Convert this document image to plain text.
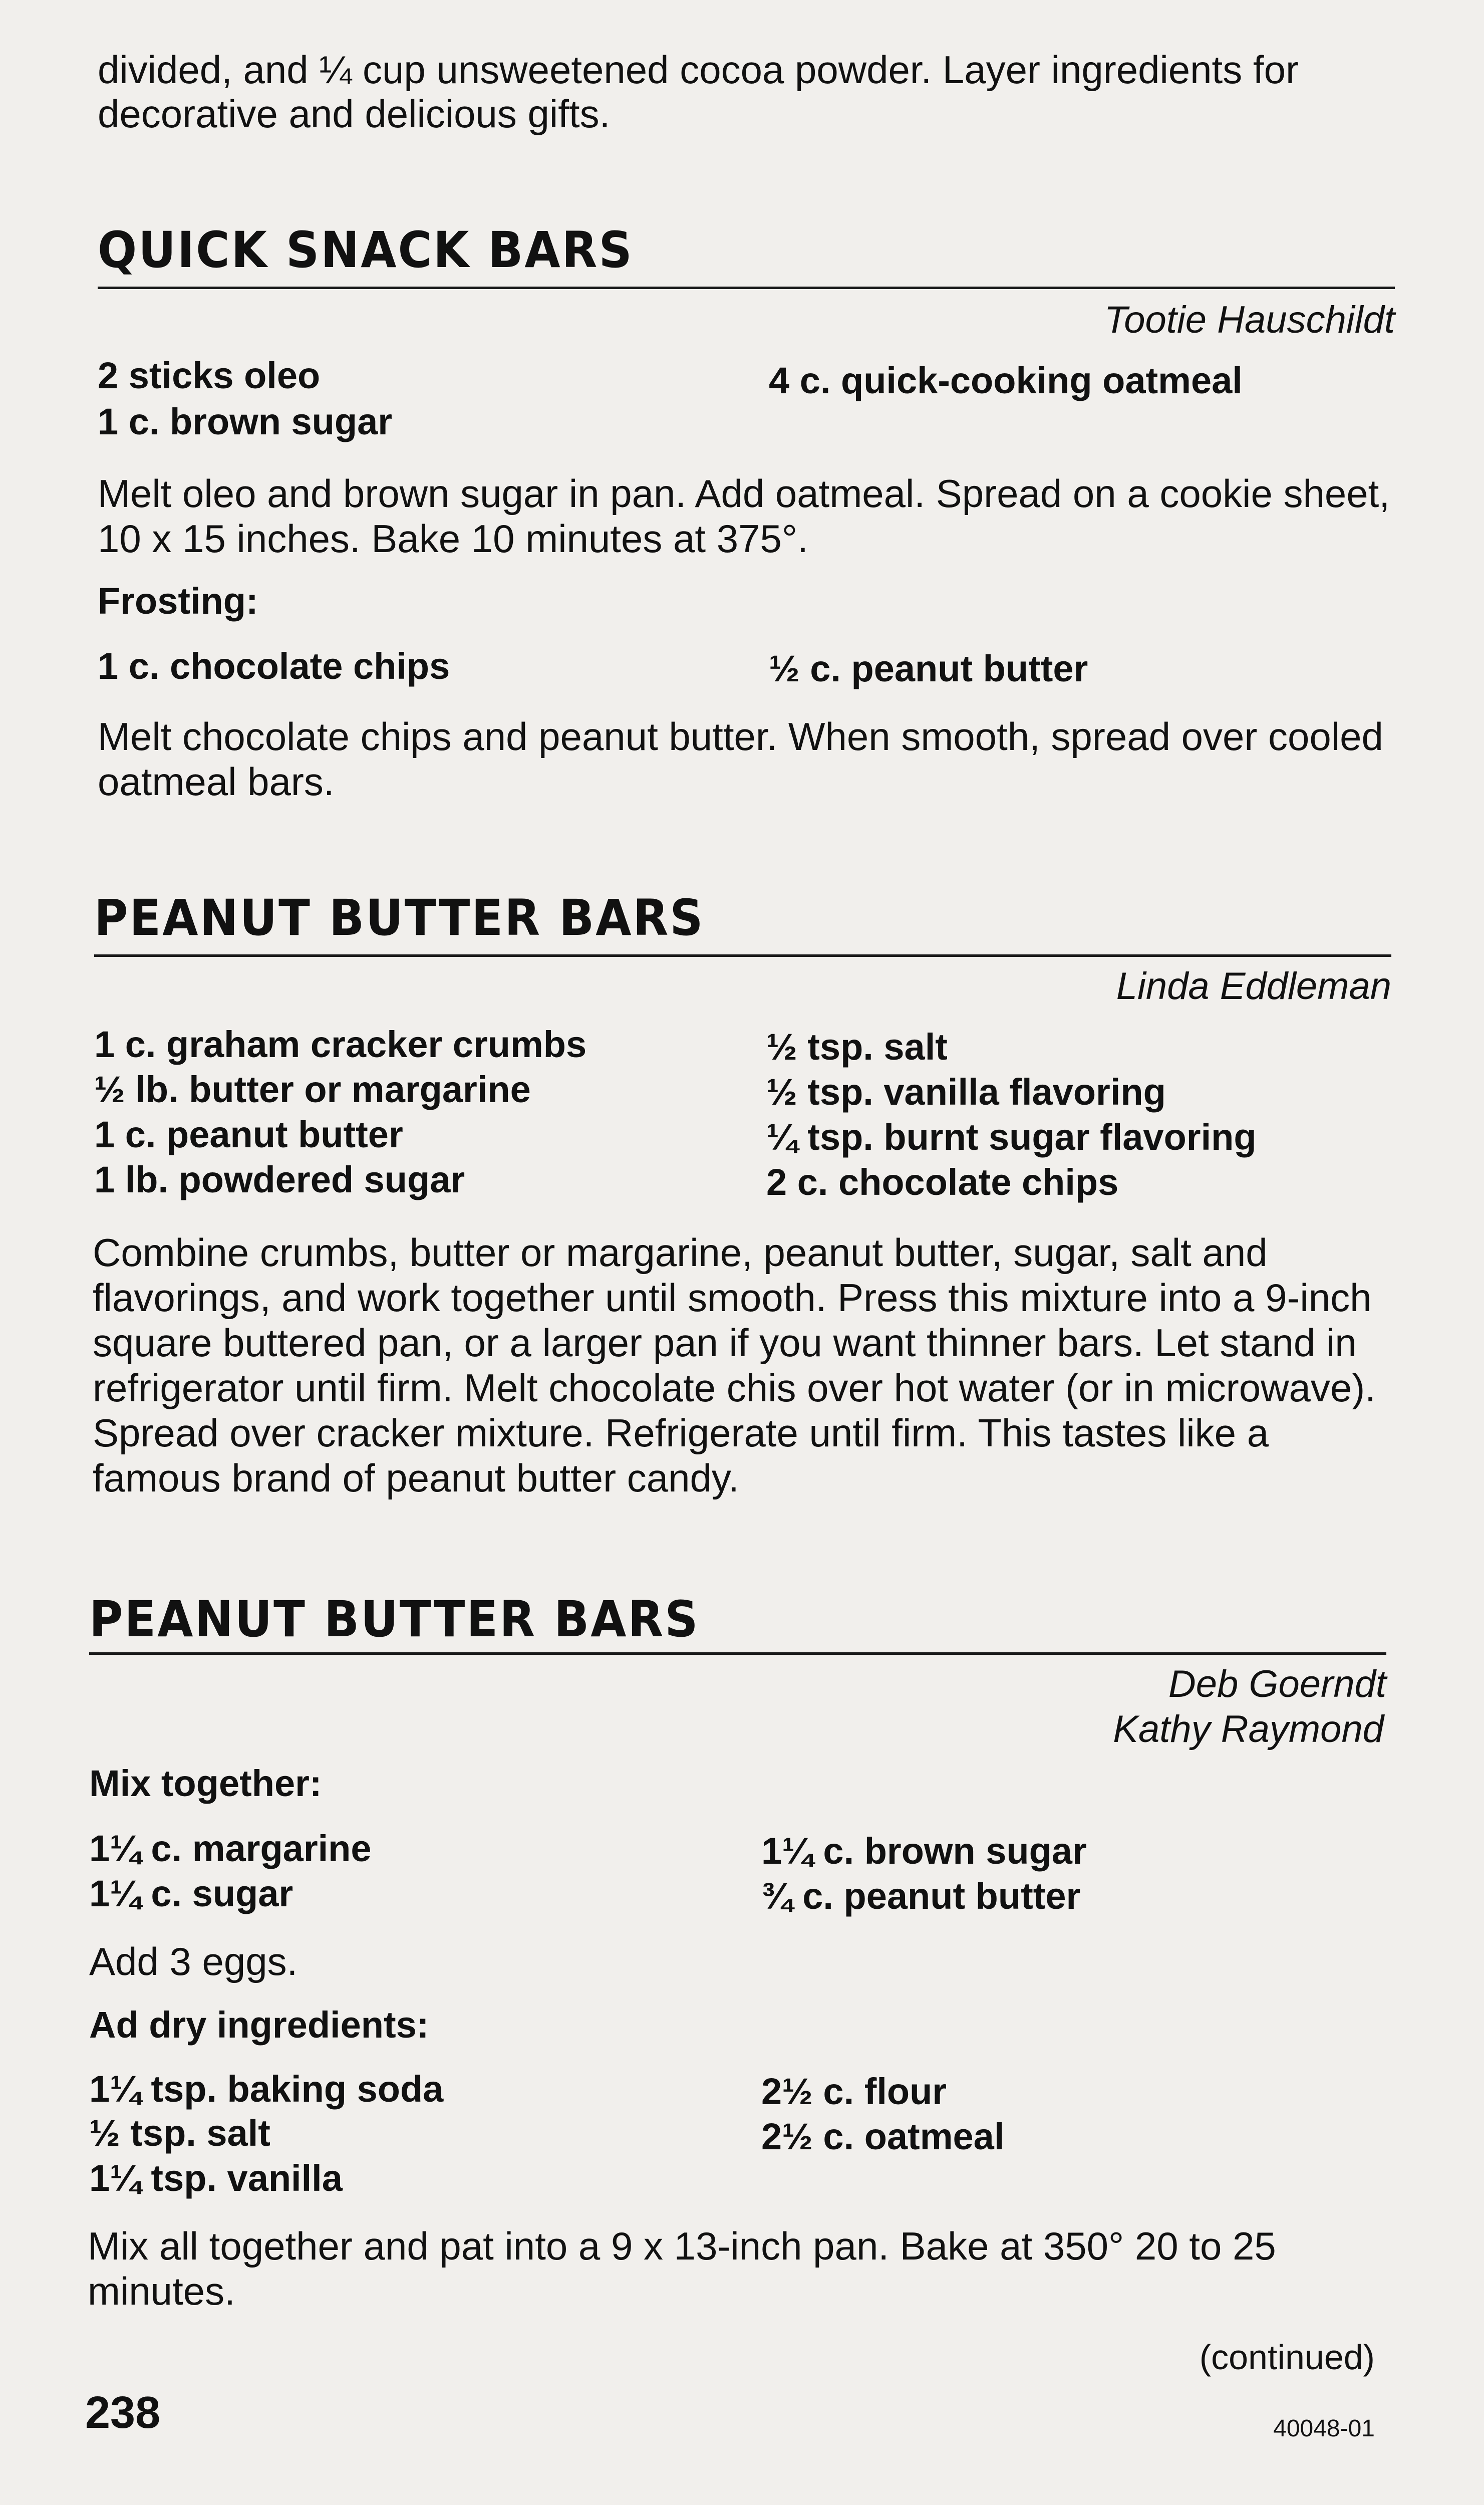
divided, and ¼ cup unsweetened cocoa powder. Layer ingredients for decorative and delicious gifts.

QUICK SNACK BARS
Tootie Hauschildt
2 sticks oleo
1 c. brown sugar
4 c. quick-cooking oatmeal

Melt oleo and brown sugar in pan. Add oatmeal. Spread on a cookie sheet, 10 x 15 inches. Bake 10 minutes at 375°.

Frosting:
1 c. chocolate chips	½ c. peanut butter

Melt chocolate chips and peanut butter. When smooth, spread over cooled oatmeal bars.

PEANUT BUTTER BARS
Linda Eddleman
1 c. graham cracker crumbs
½ lb. butter or margarine
1 c. peanut butter
1 lb. powdered sugar
½ tsp. salt
½ tsp. vanilla flavoring
¼ tsp. burnt sugar flavoring
2 c. chocolate chips

Combine crumbs, butter or margarine, peanut butter, sugar, salt and flavorings, and work together until smooth. Press this mixture into a 9-inch square buttered pan, or a larger pan if you want thinner bars. Let stand in refrigerator until firm. Melt chocolate chis over hot water (or in microwave). Spread over cracker mixture. Refrigerate until firm. This tastes like a famous brand of peanut butter candy.

PEANUT BUTTER BARS
Deb Goerndt
Kathy Raymond
Mix together:
1¼ c. margarine
1¼ c. sugar
1¼ c. brown sugar
¾ c. peanut butter
Add 3 eggs.
Ad dry ingredients:
1¼ tsp. baking soda
½ tsp. salt
1¼ tsp. vanilla
2½ c. flour
2½ c. oatmeal

Mix all together and pat into a 9 x 13-inch pan. Bake at 350° 20 to 25 minutes.

(continued)
238	40048-01
